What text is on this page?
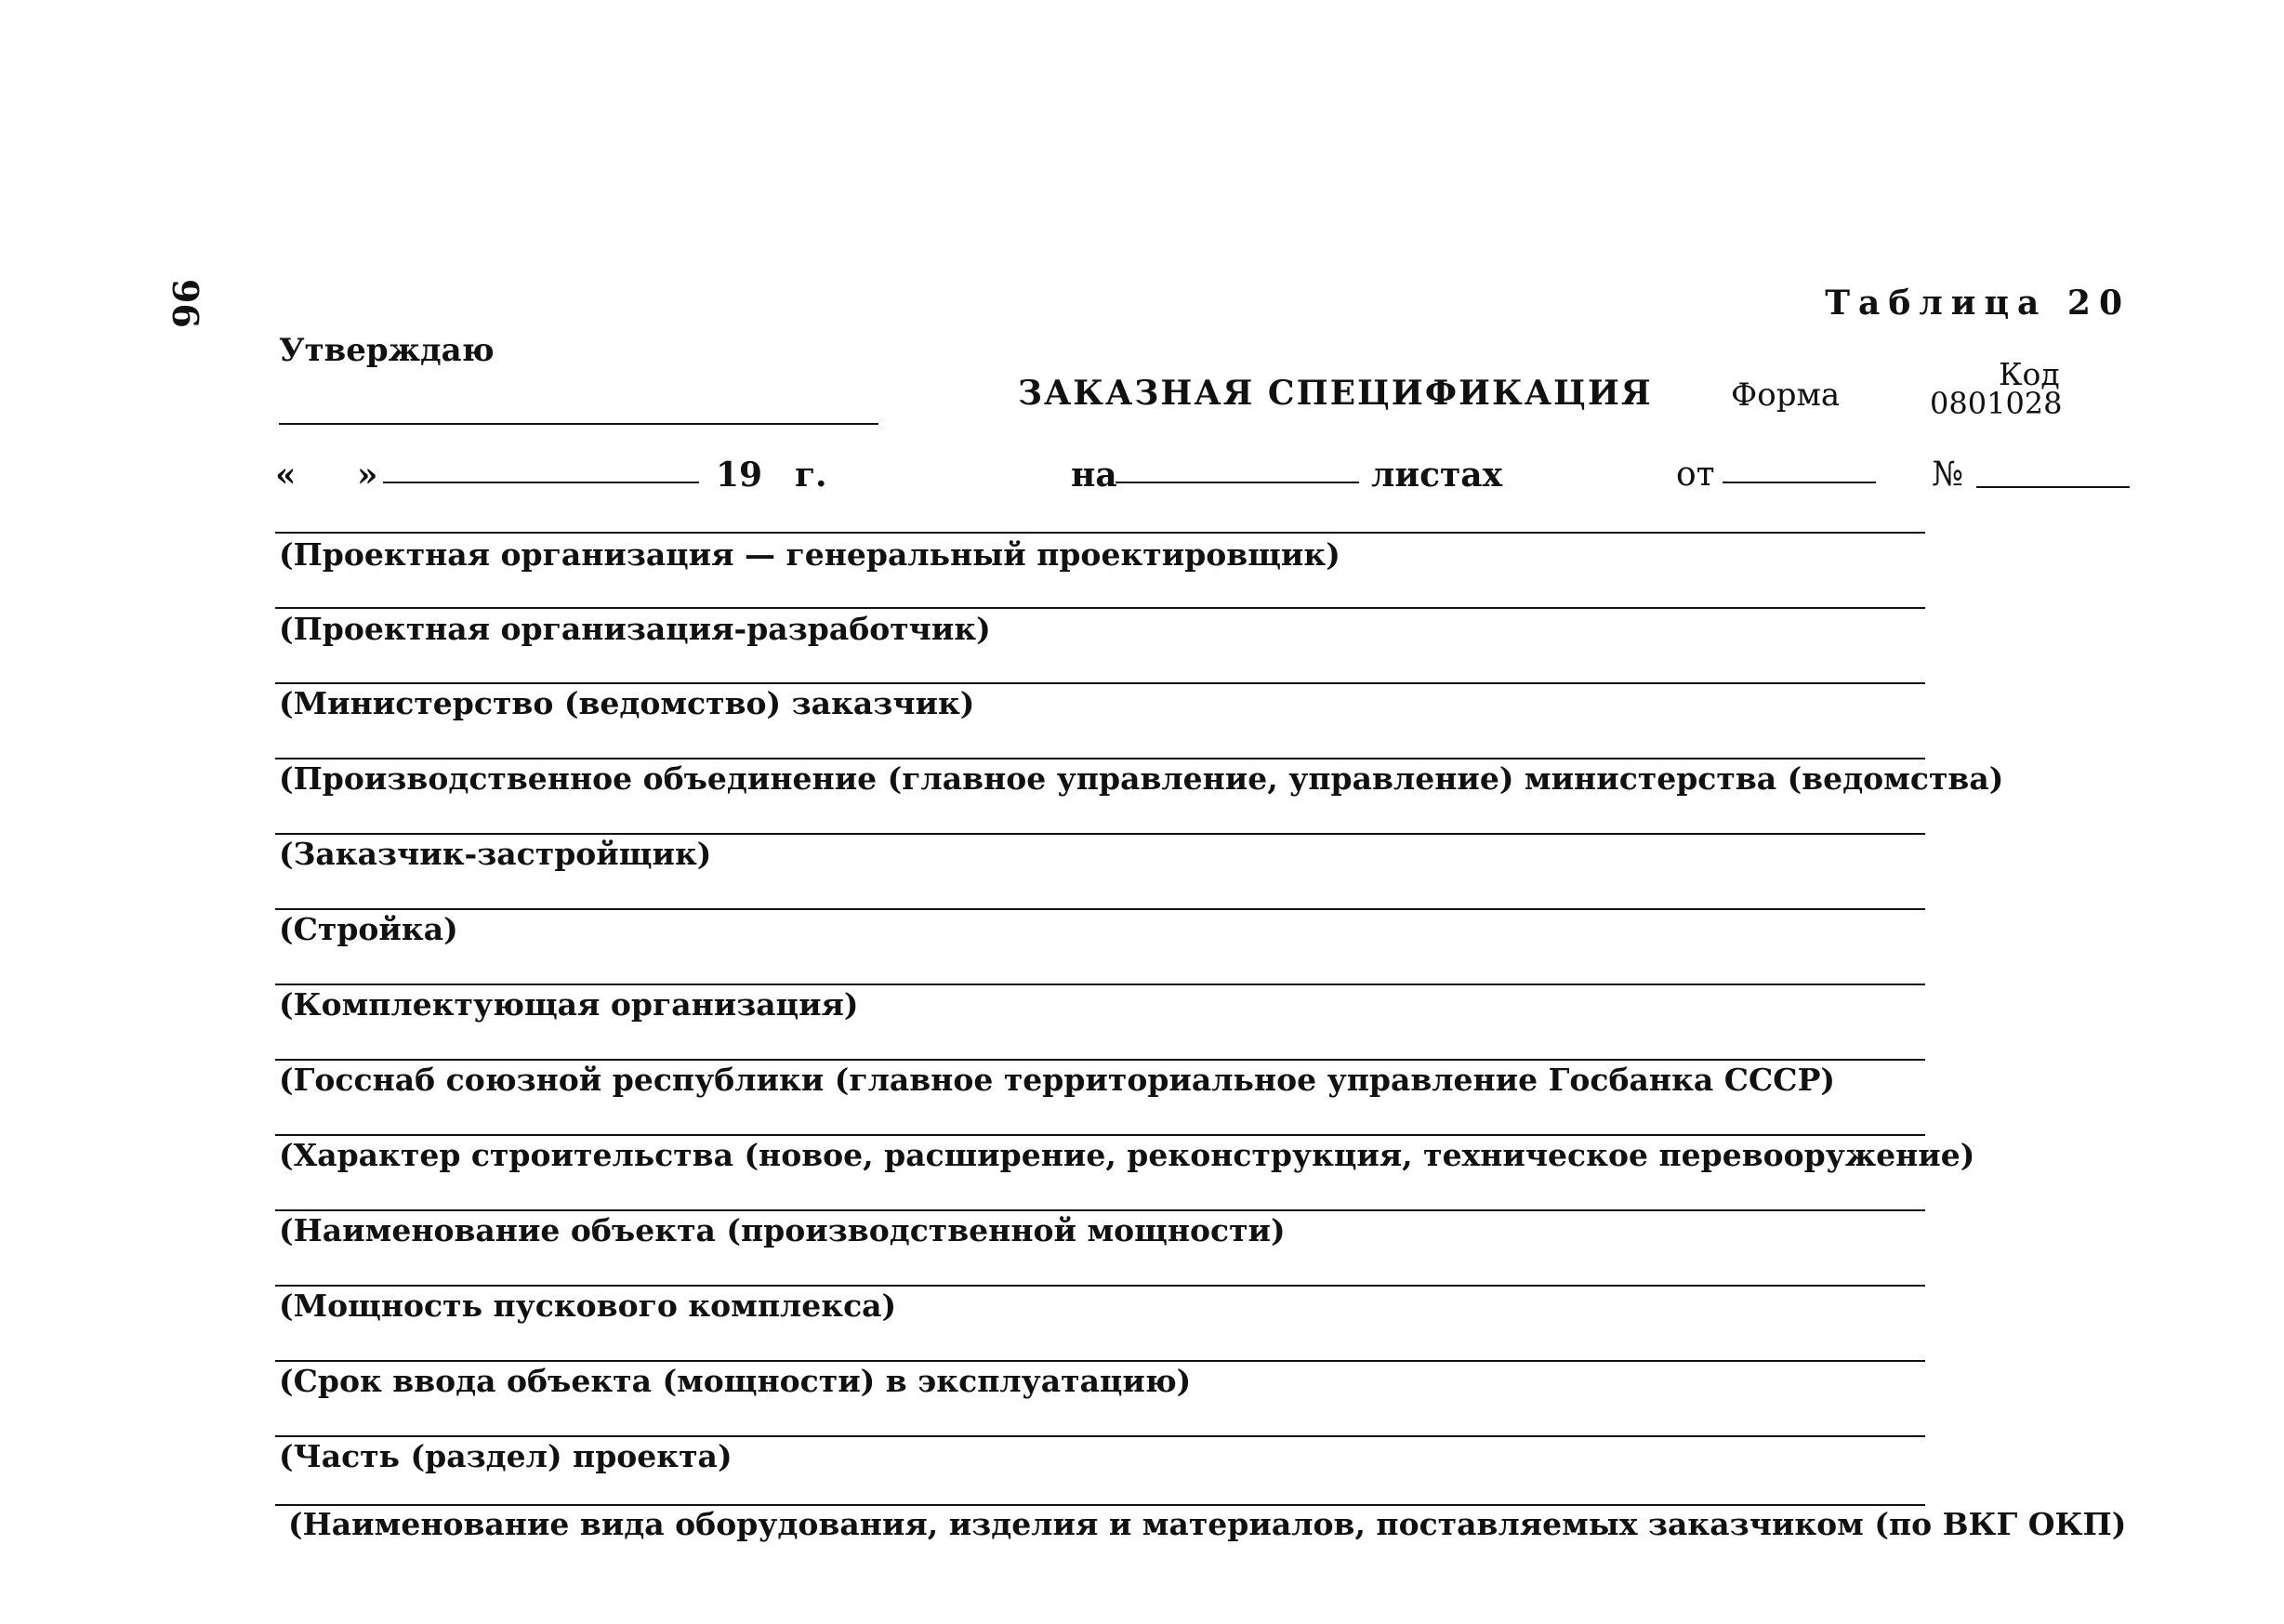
96	Таблица 20
Утверждаю
ЗАКАЗНАЯ СПЕЦИФИКАЦИЯ Форма
Код
0801028
« »	19 г.	на	листах	от	№
(Проектная организация — генеральный проектировщик)
(Проектная организация-разработчик)
(Министерство (ведомство) заказчик)
(Производственное объединение (главное управление, управление) министерства (ведомства)
(Заказчик-застройщик)
(Стройка)
(Комплектующая организация)
(Госснаб союзной республики (главное территориальное управление Госбанка СССР)
(Характер строительства (новое, расширение, реконструкция, техническое перевооружение)
(Наименование объекта (производственной мощности)
(Мощность пускового комплекса)
(Срок ввода объекта (мощности) в эксплуатацию)
(Часть (раздел) проекта)
(Наименование вида оборудования, изделия и материалов, поставляемых заказчиком (по ВКГ ОКП)
